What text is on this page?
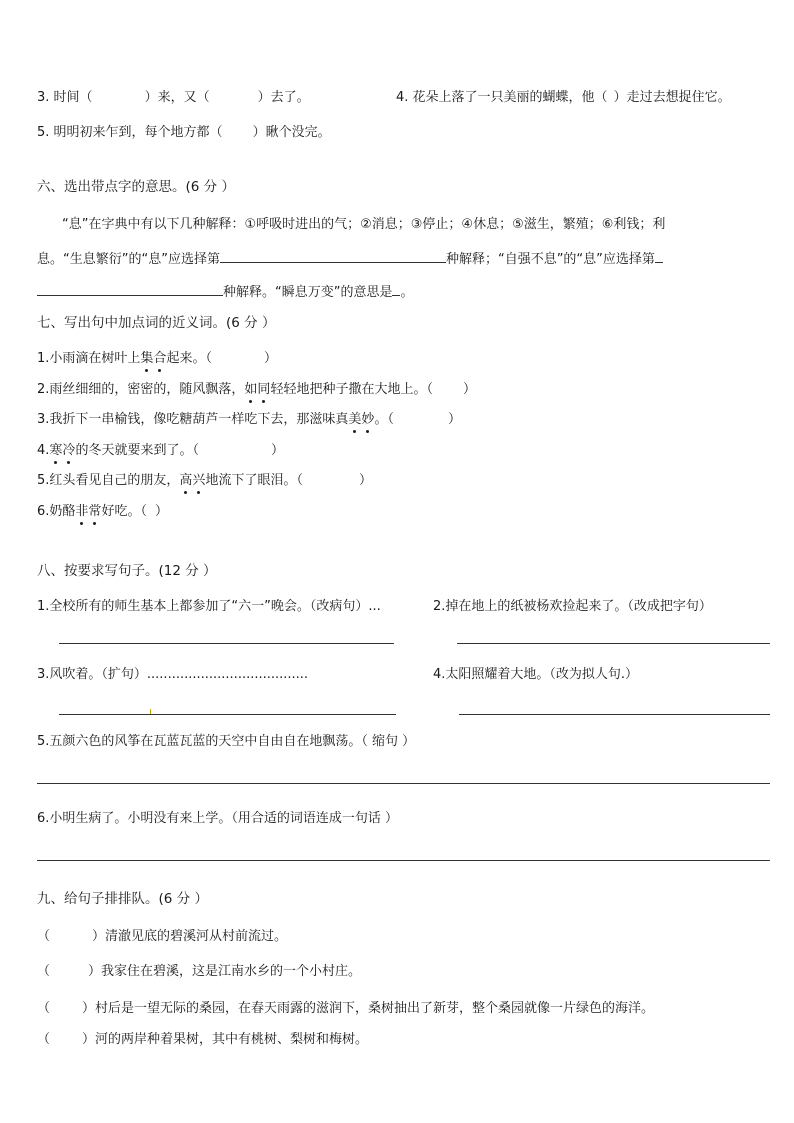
3. 时间（	）来，又（	）去了。	4. 花朵上落了一只美丽的蝴蝶，他（ ）走过去想捉住它。
5. 明明初来乍到，每个地方都（ ）瞅个没完。
六、选出带点字的意思。(6 分 ）
“息”在字典中有以下几种解释：①呼吸时进出的气；②消息；③停止；④休息；⑤滋生，繁殖；⑥利钱；利
息。“生息繁衍”的“息”应选择第	种解释；“自强不息”的“息”应选择第
种解释。“瞬息万变”的意思是 。
七、写出句中加点词的近义词。(6 分 ）
1.小雨滴在树叶上集合起来。（	）
2.雨丝细细的，密密的，随风飘落，如同轻轻地把种子撒在大地上。（ ）
3.我折下一串榆钱，像吃糖葫芦一样吃下去，那滋味真美妙。（	）
4.寒冷的冬天就要来到了。（	）
5.红头看见自己的朋友，高兴地流下了眼泪。（	）
6.奶酪非常好吃。（ ）
八、按要求写句子。(12 分 ）
1.全校所有的师生基本上都参加了“六一”晚会。（改病句）...	2.掉在地上的纸被杨欢捡起来了。（改成把字句）
3.风吹着。（扩句）.......................................	4.太阳照耀着大地。（改为拟人句.）
5.五颜六色的风筝在瓦蓝瓦蓝的天空中自由自在地飘荡。（ 缩句 ）
6.小明生病了。小明没有来上学。（用合适的词语连成一句话 ）
九、给句子排排队。(6 分 ）
（	）清澈见底的碧溪河从村前流过。
（	）我家住在碧溪，这是江南水乡的一个小村庄。
（ ）村后是一望无际的桑园，在春天雨露的滋润下，桑树抽出了新芽，整个桑园就像一片绿色的海洋。
（ ）河的两岸种着果树，其中有桃树、梨树和梅树。
